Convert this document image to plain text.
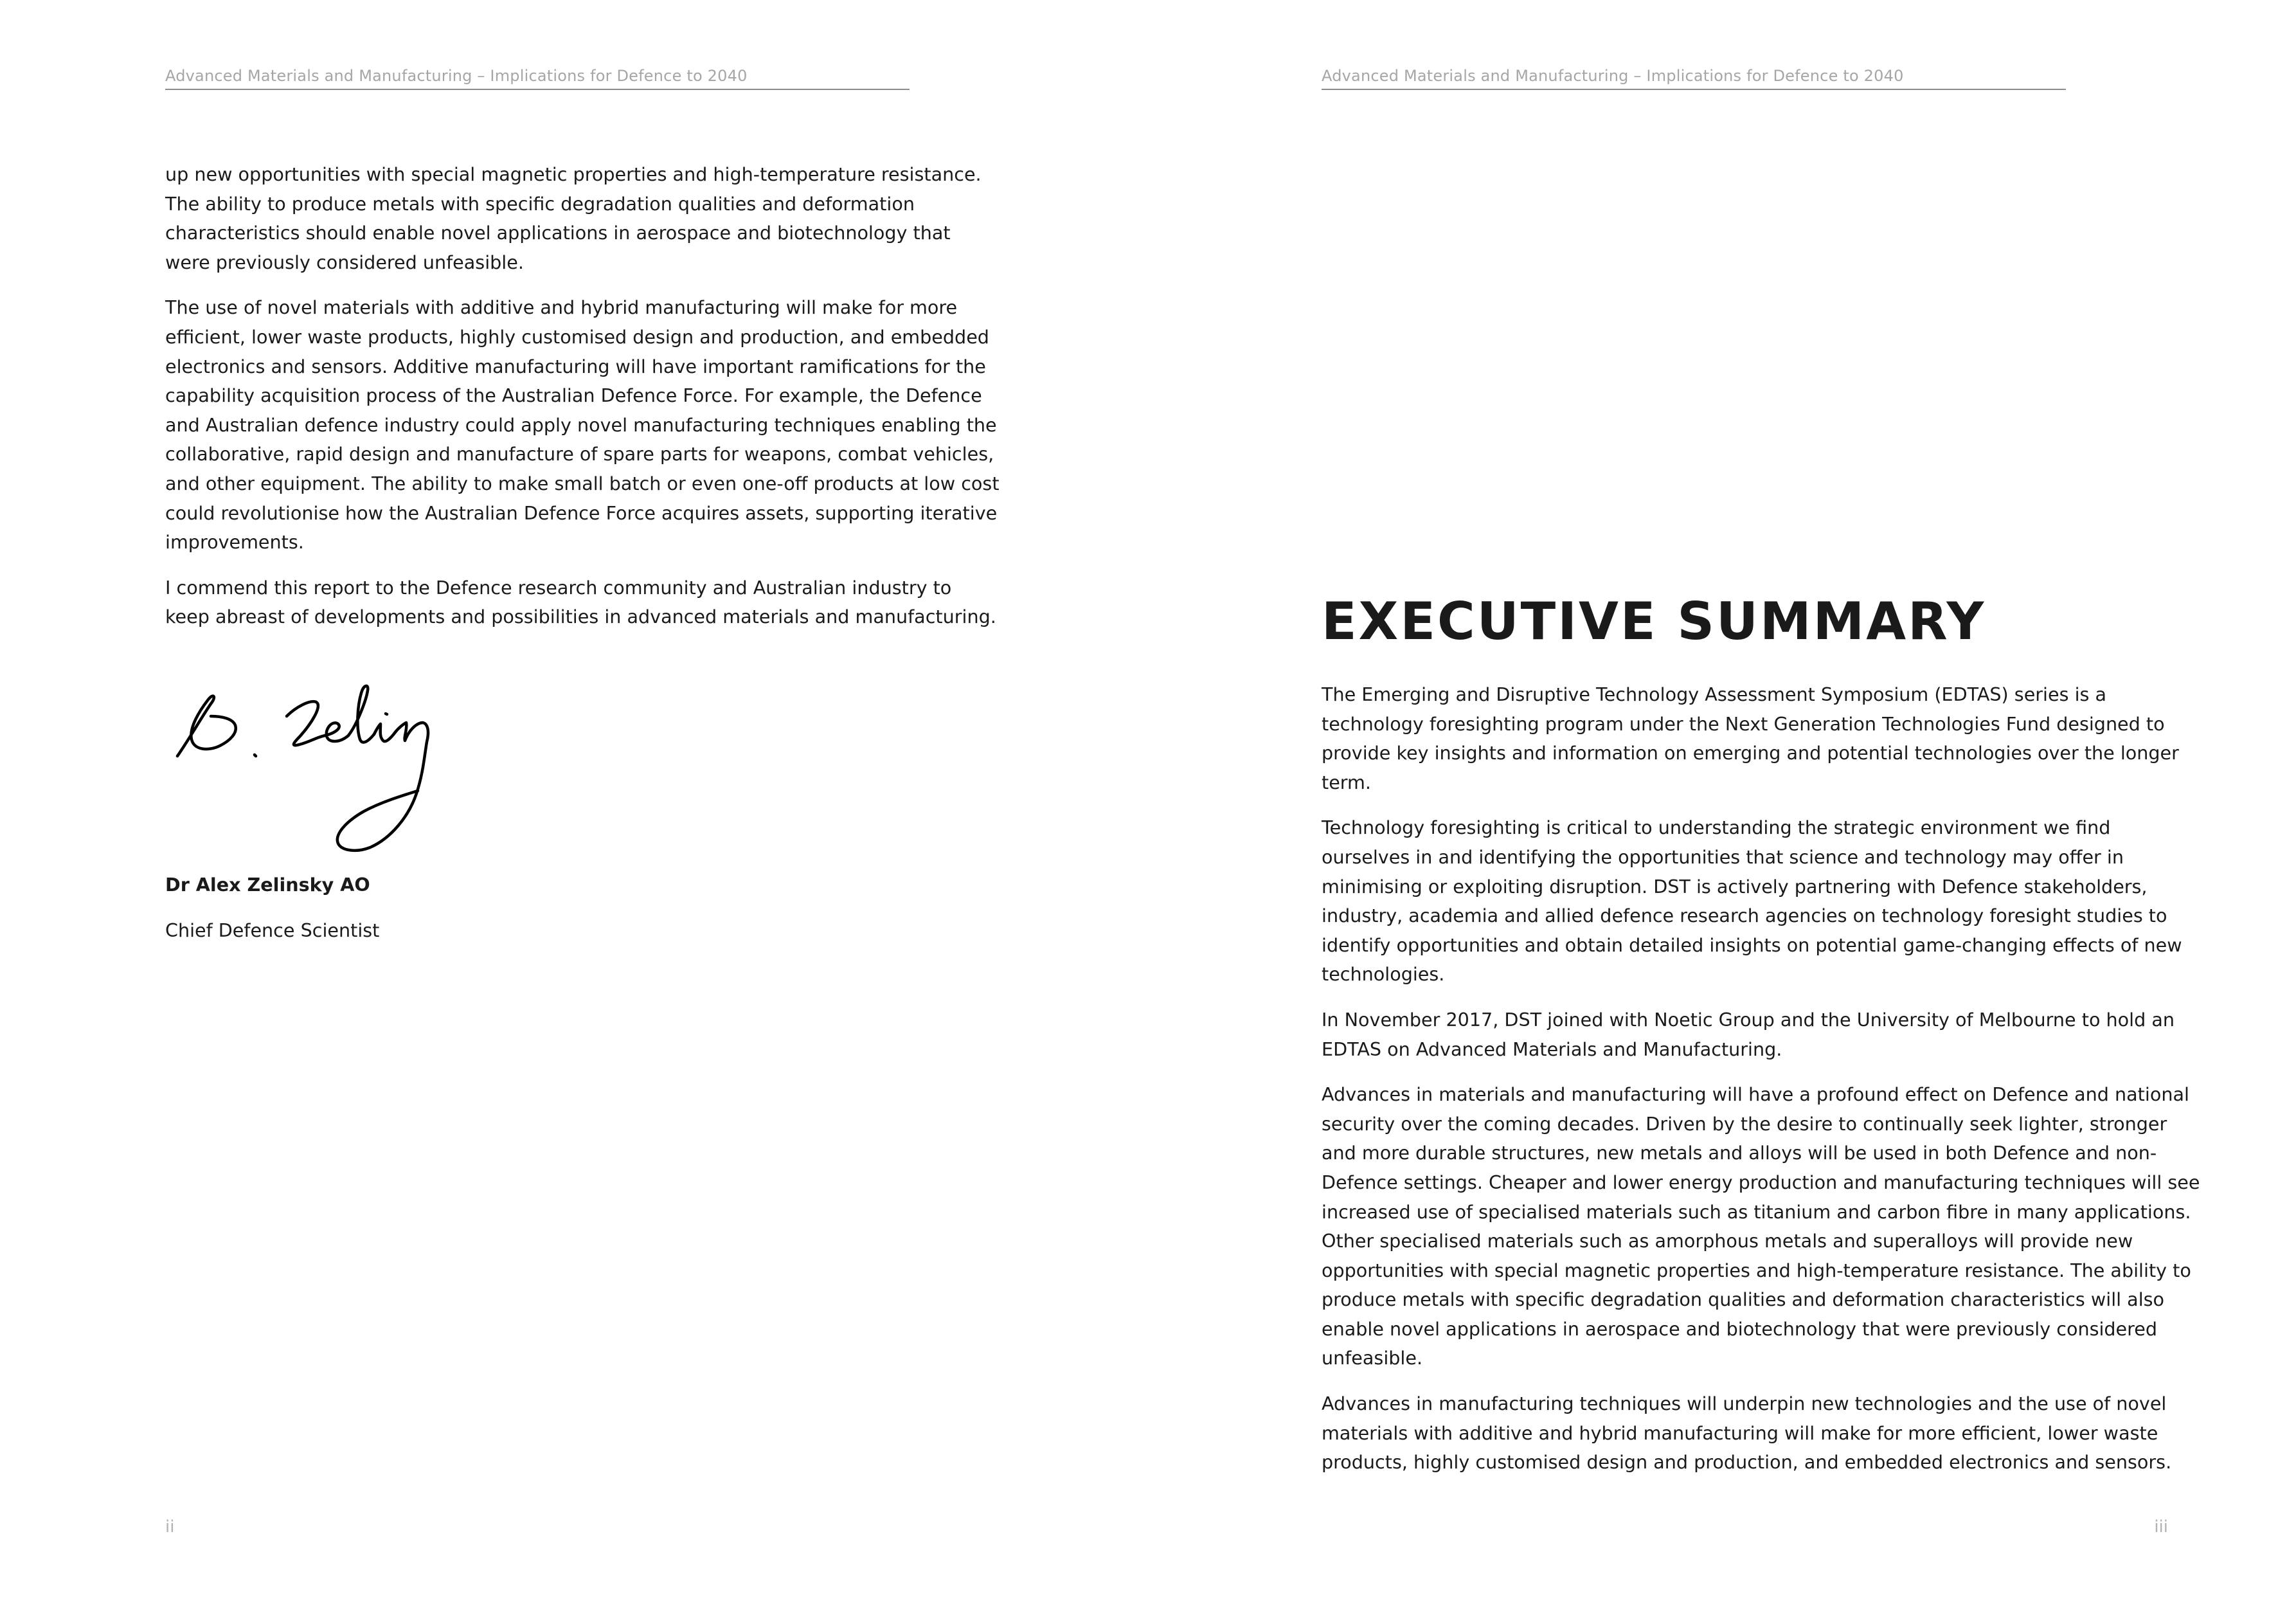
Advanced Materials and Manufacturing – Implications for Defence to 2040

up new opportunities with special magnetic properties and high-temperature resistance. The ability to produce metals with specific degradation qualities and deformation characteristics should enable novel applications in aerospace and biotechnology that were previously considered unfeasible.

The use of novel materials with additive and hybrid manufacturing will make for more efficient, lower waste products, highly customised design and production, and embedded electronics and sensors. Additive manufacturing will have important ramifications for the capability acquisition process of the Australian Defence Force. For example, the Defence and Australian defence industry could apply novel manufacturing techniques enabling the collaborative, rapid design and manufacture of spare parts for weapons, combat vehicles, and other equipment. The ability to make small batch or even one-off products at low cost could revolutionise how the Australian Defence Force acquires assets, supporting iterative improvements.

I commend this report to the Defence research community and Australian industry to keep abreast of developments and possibilities in advanced materials and manufacturing.

Dr Alex Zelinsky AO
Chief Defence Scientist
ii
Advanced Materials and Manufacturing – Implications for Defence to 2040
EXECUTIVE SUMMARY

The Emerging and Disruptive Technology Assessment Symposium (EDTAS) series is a technology foresighting program under the Next Generation Technologies Fund designed to provide key insights and information on emerging and potential technologies over the longer term.

Technology foresighting is critical to understanding the strategic environment we find ourselves in and identifying the opportunities that science and technology may offer in minimising or exploiting disruption. DST is actively partnering with Defence stakeholders, industry, academia and allied defence research agencies on technology foresight studies to identify opportunities and obtain detailed insights on potential game-changing effects of new technologies.

In November 2017, DST joined with Noetic Group and the University of Melbourne to hold an EDTAS on Advanced Materials and Manufacturing.

Advances in materials and manufacturing will have a profound effect on Defence and national security over the coming decades. Driven by the desire to continually seek lighter, stronger and more durable structures, new metals and alloys will be used in both Defence and non-Defence settings. Cheaper and lower energy production and manufacturing techniques will see increased use of specialised materials such as titanium and carbon fibre in many applications. Other specialised materials such as amorphous metals and superalloys will provide new opportunities with special magnetic properties and high-temperature resistance. The ability to produce metals with specific degradation qualities and deformation characteristics will also enable novel applications in aerospace and biotechnology that were previously considered unfeasible.

Advances in manufacturing techniques will underpin new technologies and the use of novel materials with additive and hybrid manufacturing will make for more efficient, lower waste products, highly customised design and production, and embedded electronics and sensors.

iii
